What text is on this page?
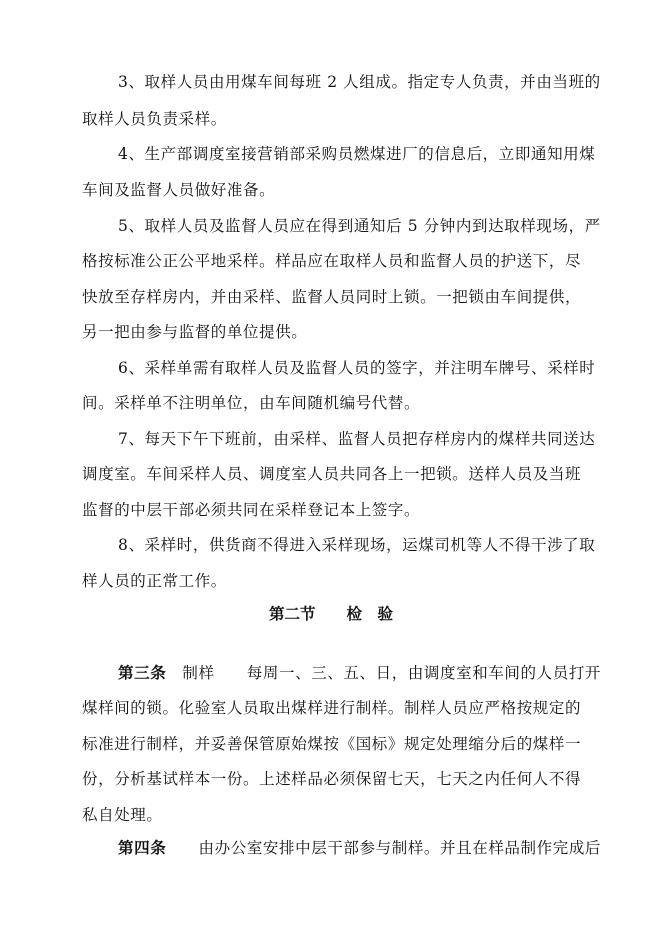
3、取样人员由用煤车间每班 2 人组成。指定专人负责，并由当班的
取样人员负责采样。
4、生产部调度室接营销部采购员燃煤进厂的信息后，立即通知用煤
车间及监督人员做好准备。
5、取样人员及监督人员应在得到通知后 5 分钟内到达取样现场，严
格按标准公正公平地采样。样品应在取样人员和监督人员的护送下，尽
快放至存样房内，并由采样、监督人员同时上锁。一把锁由车间提供，
另一把由参与监督的单位提供。
6、采样单需有取样人员及监督人员的签字，并注明车牌号、采样时
间。采样单不注明单位，由车间随机编号代替。
7、每天下午下班前，由采样、监督人员把存样房内的煤样共同送达
调度室。车间采样人员、调度室人员共同各上一把锁。送样人员及当班
监督的中层干部必须共同在采样登记本上签字。
8、采样时，供货商不得进入采样现场，运煤司机等人不得干涉了取
样人员的正常工作。
第二节　　检　验
第三条　制样　　每周一、三、五、日，由调度室和车间的人员打开
煤样间的锁。化验室人员取出煤样进行制样。制样人员应严格按规定的
标准进行制样，并妥善保管原始煤按《国标》规定处理缩分后的煤样一
份，分析基试样本一份。上述样品必须保留七天，七天之内任何人不得
私自处理。
第四条　　由办公室安排中层干部参与制样。并且在样品制作完成后
